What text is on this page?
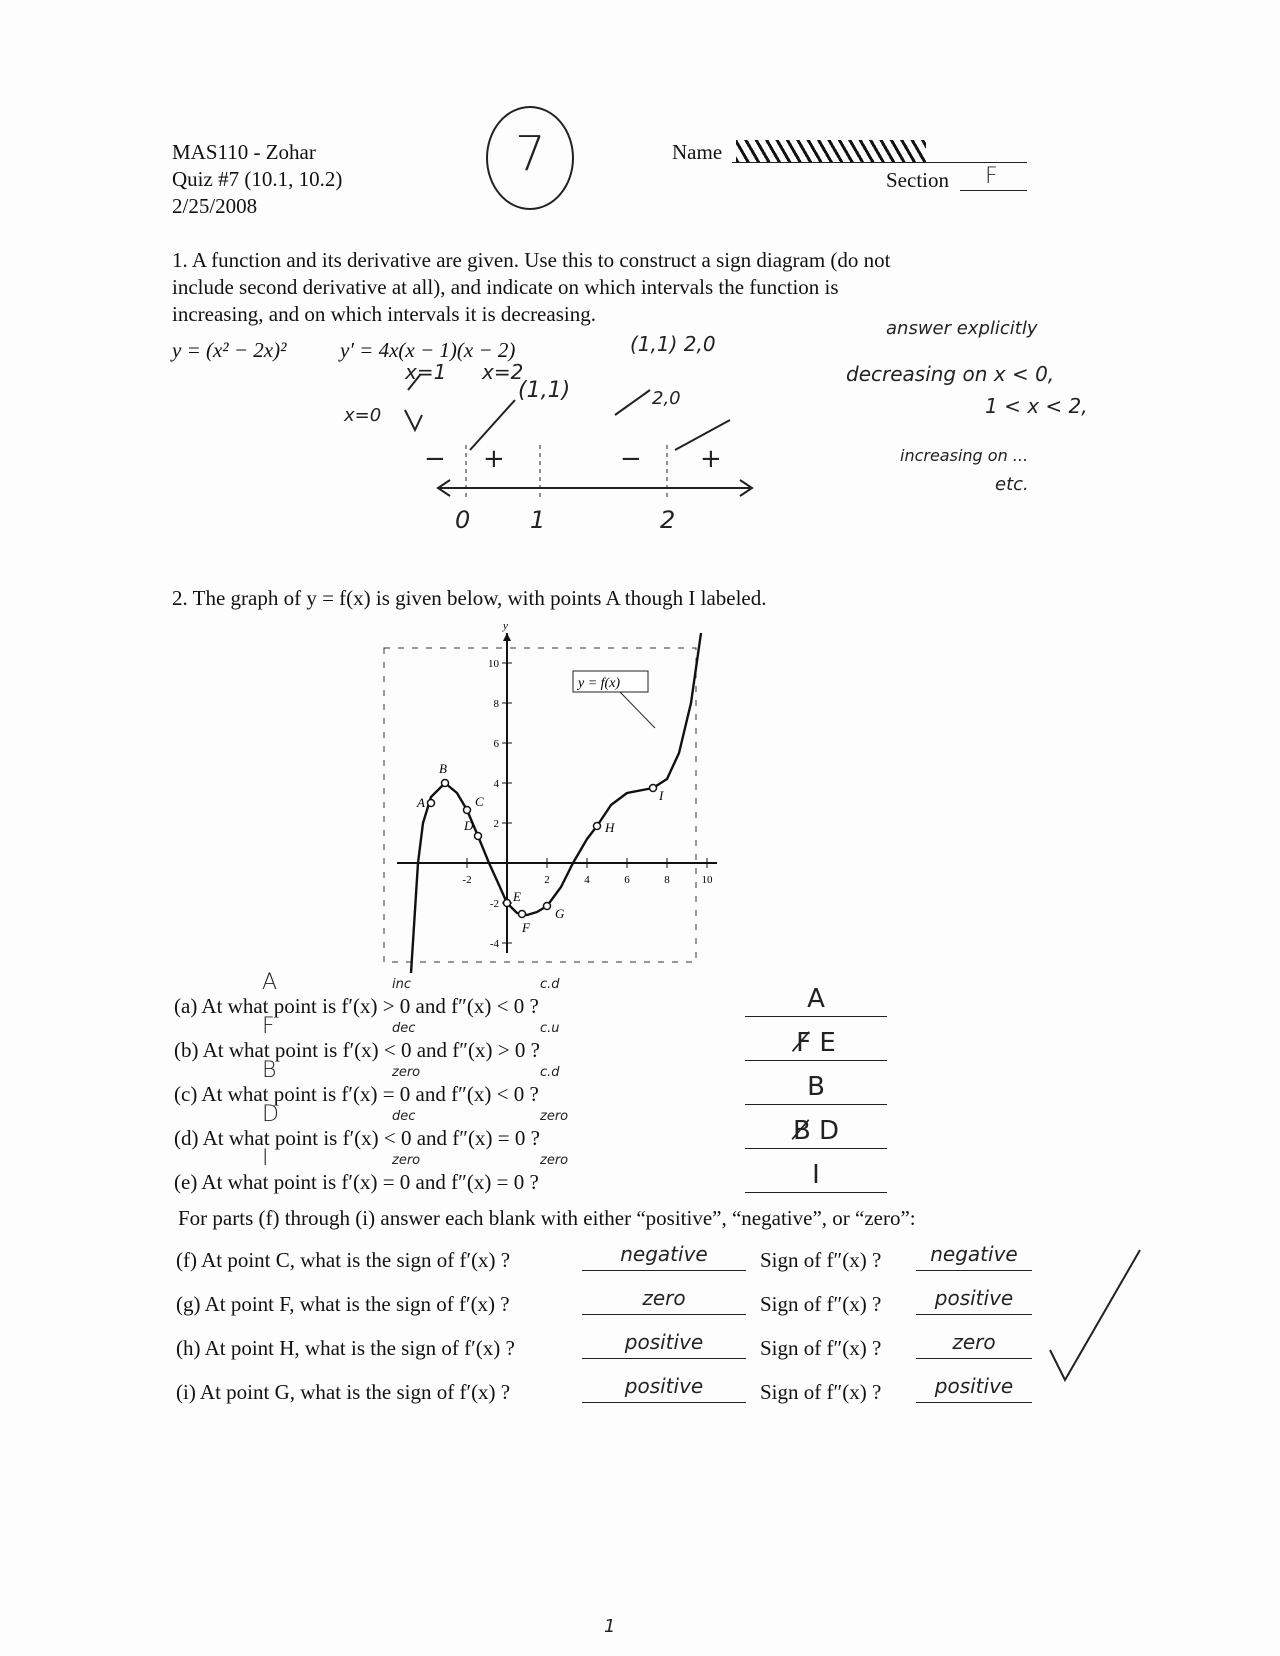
MAS110 - Zohar
Quiz #7 (10.1, 10.2)
2/25/2008
7	Name
Section F
1. A function and its derivative are given. Use this to construct a sign diagram (do not
include second derivative at all), and indicate on which intervals the function is
increasing, and on which intervals it is decreasing.
y = (x² − 2x)²	y′ = 4x(x − 1)(x − 2)	(1,1) 2,0
x=1 x=2
x=0
(1,1)	2,0
− +	− +
0 1	2
answer explicitly
decreasing on x < 0,
1 < x < 2,
increasing on ...
etc.
2. The graph of y = f(x) is given below, with points A though I labeled.
y
-2	2	4	6	8	10
-4
-2
2
4
6
8
10
A
B
C
D
E
F
G
H
I
y = f(x)
(a) At what point is f′(x) > 0 and f″(x) < 0 ?
A	inc	c.d	A
(b) At what point is f′(x) < 0 and f″(x) > 0 ?
F	dec	c.u	F̸ E
(c) At what point is f′(x) = 0 and f″(x) < 0 ?
B	zero	c.d	B
(d) At what point is f′(x) < 0 and f″(x) = 0 ?
D	dec	zero	B̸ D
(e) At what point is f′(x) = 0 and f″(x) = 0 ?
I	zero	zero	I
For parts (f) through (i) answer each blank with either “positive”, “negative”, or “zero”:
(f) At point C, what is the sign of f′(x) ?	negative	Sign of f″(x) ?	negative
(g) At point F, what is the sign of f′(x) ?	zero	Sign of f″(x) ?	positive
(h) At point H, what is the sign of f′(x) ?	positive	Sign of f″(x) ?	zero
(i) At point G, what is the sign of f′(x) ?	positive	Sign of f″(x) ?	positive
1
